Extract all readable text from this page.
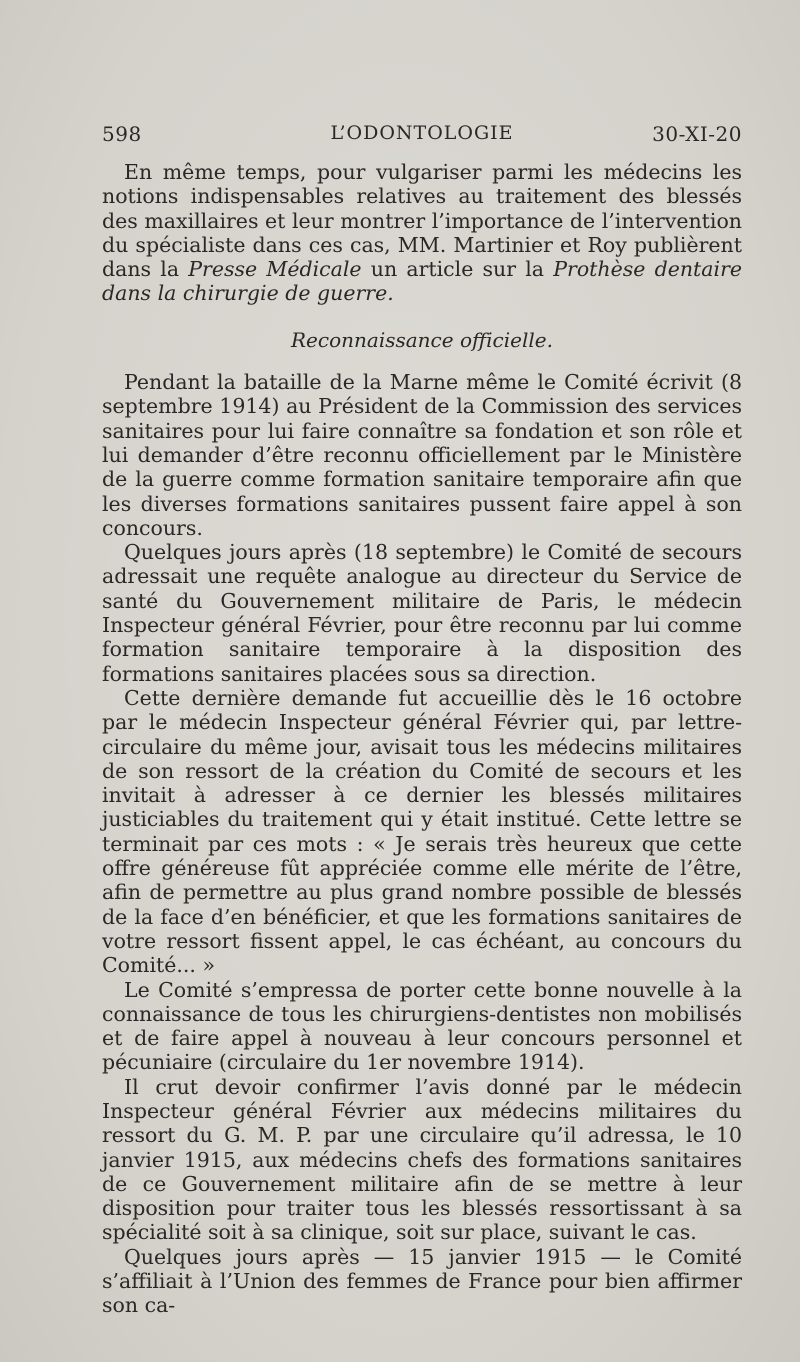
598	L’ODONTOLOGIE	30-XI-20

En même temps, pour vulgariser parmi les médecins les notions indispensables relatives au traitement des blessés des maxillaires et leur montrer l’importance de l’intervention du spécialiste dans ces cas, MM. Martinier et Roy publièrent dans la Presse Médicale un article sur la Prothèse dentaire dans la chirurgie de guerre.

Reconnaissance officielle.

Pendant la bataille de la Marne même le Comité écrivit (8 septembre 1914) au Président de la Commission des services sanitaires pour lui faire connaître sa fondation et son rôle et lui demander d’être reconnu officiellement par le Ministère de la guerre comme formation sanitaire temporaire afin que les diverses formations sanitaires pussent faire appel à son concours.

Quelques jours après (18 septembre) le Comité de secours adressait une requête analogue au directeur du Service de santé du Gouvernement militaire de Paris, le médecin Inspecteur général Février, pour être reconnu par lui comme formation sanitaire temporaire à la disposition des formations sanitaires placées sous sa direction.

Cette dernière demande fut accueillie dès le 16 octobre par le médecin Inspecteur général Février qui, par lettre-circulaire du même jour, avisait tous les médecins militaires de son ressort de la création du Comité de secours et les invitait à adresser à ce dernier les blessés militaires justiciables du traitement qui y était institué. Cette lettre se terminait par ces mots : « Je serais très heureux que cette offre généreuse fût appréciée comme elle mérite de l’être, afin de permettre au plus grand nombre possible de blessés de la face d’en bénéficier, et que les formations sanitaires de votre ressort fissent appel, le cas échéant, au concours du Comité... »

Le Comité s’empressa de porter cette bonne nouvelle à la connaissance de tous les chirurgiens-dentistes non mobilisés et de faire appel à nouveau à leur concours personnel et pécuniaire (circulaire du 1er novembre 1914).

Il crut devoir confirmer l’avis donné par le médecin Inspecteur général Février aux médecins militaires du ressort du G. M. P. par une circulaire qu’il adressa, le 10 janvier 1915, aux médecins chefs des formations sanitaires de ce Gouvernement militaire afin de se mettre à leur disposition pour traiter tous les blessés ressortissant à sa spécialité soit à sa clinique, soit sur place, suivant le cas.

Quelques jours après — 15 janvier 1915 — le Comité s’affiliait à l’Union des femmes de France pour bien affirmer son ca-
